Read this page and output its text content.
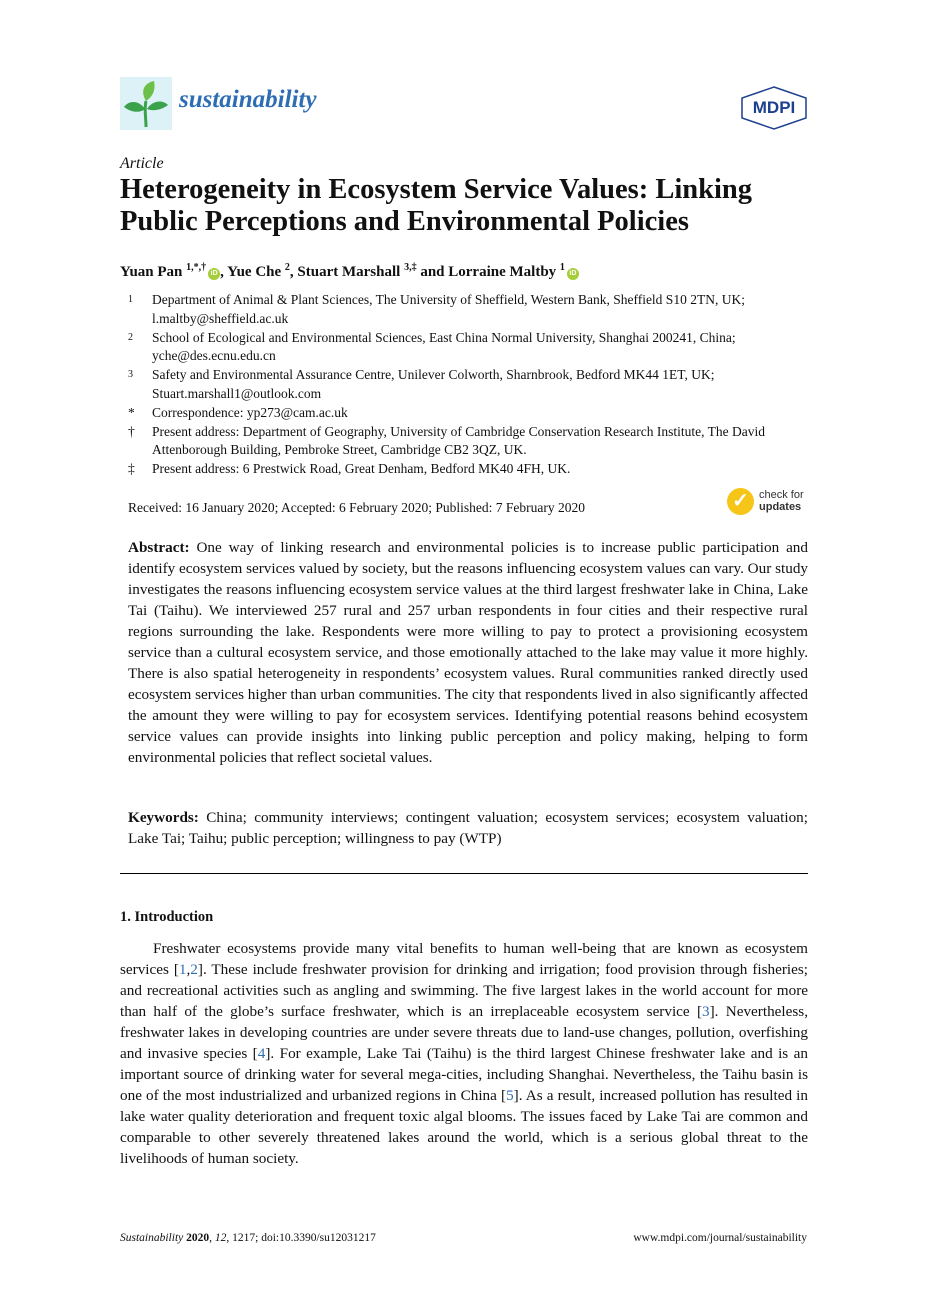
sustainability	MDPI
Article
Heterogeneity in Ecosystem Service Values: Linking Public Perceptions and Environmental Policies
Yuan Pan $^{1,*,\dagger}$iD , Yue Che $^2$, Stuart Marshall $^{3,\ddagger}$ and Lorraine Maltby $^1$iD
1	Department of Animal & Plant Sciences, The University of Sheffield, Western Bank, Sheffield S10 2TN, UK; l.maltby@sheffield.ac.uk
2	School of Ecological and Environmental Sciences, East China Normal University, Shanghai 200241, China; yche@des.ecnu.edu.cn
3	Safety and Environmental Assurance Centre, Unilever Colworth, Sharnbrook, Bedford MK44 1ET, UK; Stuart.marshall1@outlook.com
*	Correspondence: yp273@cam.ac.uk
†	Present address: Department of Geography, University of Cambridge Conservation Research Institute, The David Attenborough Building, Pembroke Street, Cambridge CB2 3QZ, UK.
‡	Present address: 6 Prestwick Road, Great Denham, Bedford MK40 4FH, UK.
Received: 16 January 2020; Accepted: 6 February 2020; Published: 7 February 2020	✓ check for
updates
Abstract: One way of linking research and environmental policies is to increase public participation and identify ecosystem services valued by society, but the reasons influencing ecosystem values can vary. Our study investigates the reasons influencing ecosystem service values at the third largest freshwater lake in China, Lake Tai (Taihu). We interviewed 257 rural and 257 urban respondents in four cities and their respective rural regions surrounding the lake. Respondents were more willing to pay to protect a provisioning ecosystem service than a cultural ecosystem service, and those emotionally attached to the lake may value it more highly. There is also spatial heterogeneity in respondents’ ecosystem values. Rural communities ranked directly used ecosystem services higher than urban communities. The city that respondents lived in also significantly affected the amount they were willing to pay for ecosystem services. Identifying potential reasons behind ecosystem service values can provide insights into linking public perception and policy making, helping to form environmental policies that reflect societal values.
Keywords: China; community interviews; contingent valuation; ecosystem services; ecosystem valuation; Lake Tai; Taihu; public perception; willingness to pay (WTP)
1. Introduction
Freshwater ecosystems provide many vital benefits to human well-being that are known as ecosystem services [1,2]. These include freshwater provision for drinking and irrigation; food provision through fisheries; and recreational activities such as angling and swimming. The five largest lakes in the world account for more than half of the globe’s surface freshwater, which is an irreplaceable ecosystem service [3]. Nevertheless, freshwater lakes in developing countries are under severe threats due to land-use changes, pollution, overfishing and invasive species [4]. For example, Lake Tai (Taihu) is the third largest Chinese freshwater lake and is an important source of drinking water for several mega-cities, including Shanghai. Nevertheless, the Taihu basin is one of the most industrialized and urbanized regions in China [5]. As a result, increased pollution has resulted in lake water quality deterioration and frequent toxic algal blooms. The issues faced by Lake Tai are common and comparable to other severely threatened lakes around the world, which is a serious global threat to the livelihoods of human society.
Sustainability 2020, 12, 1217; doi:10.3390/su12031217	www.mdpi.com/journal/sustainability
